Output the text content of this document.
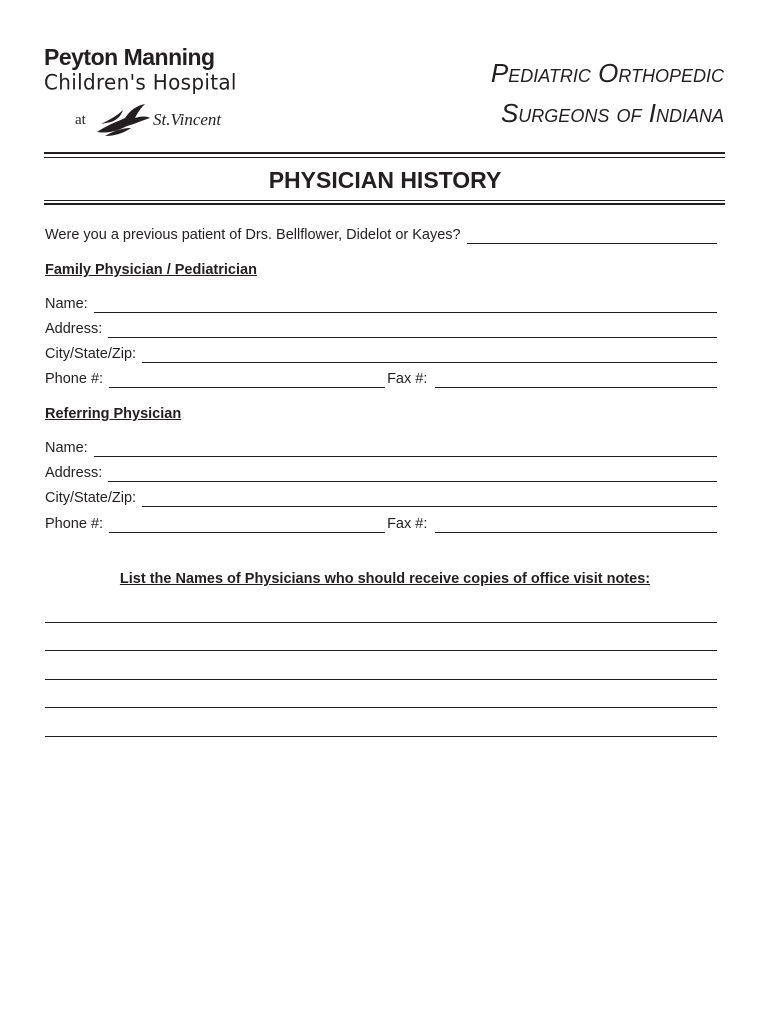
Peyton Manning
Children's Hospital
at	St.Vincent
Pediatric Orthopedic
Surgeons of Indiana
PHYSICIAN HISTORY
Were you a previous patient of Drs. Bellflower, Didelot or Kayes?
Family Physician / Pediatrician
Name:
Address:
City/State/Zip:
Phone #:	Fax #:
Referring Physician
Name:
Address:
City/State/Zip:
Phone #:	Fax #:
List the Names of Physicians who should receive copies of office visit notes:
